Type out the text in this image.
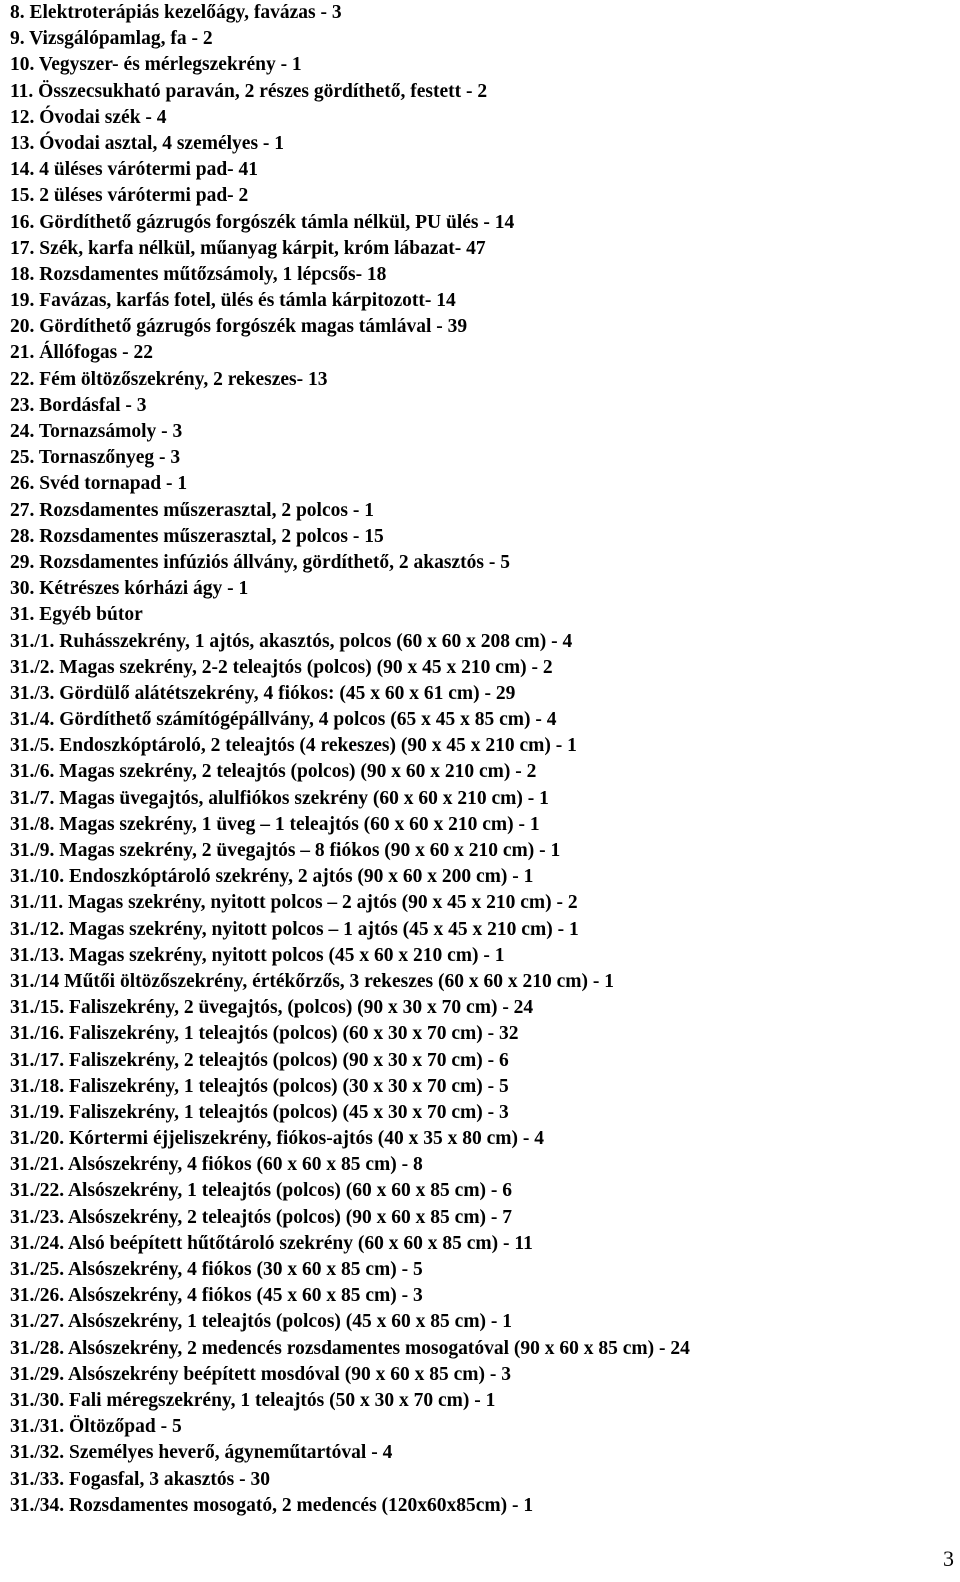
8. Elektroterápiás kezelőágy, favázas - 3
9. Vizsgálópamlag, fa - 2
10. Vegyszer- és mérlegszekrény - 1
11. Összecsukható paraván, 2 részes gördíthető, festett - 2
12. Óvodai szék - 4
13. Óvodai asztal, 4 személyes - 1
14. 4 üléses várótermi pad- 41
15. 2 üléses várótermi pad- 2
16. Gördíthető gázrugós forgószék támla nélkül, PU ülés - 14
17. Szék, karfa nélkül, műanyag kárpit, króm lábazat- 47
18. Rozsdamentes műtőzsámoly, 1 lépcsős- 18
19. Favázas, karfás fotel, ülés és támla kárpitozott- 14
20. Gördíthető gázrugós forgószék magas támlával - 39
21. Állófogas - 22
22. Fém öltözőszekrény, 2 rekeszes- 13
23. Bordásfal - 3
24. Tornazsámoly - 3
25. Tornaszőnyeg - 3
26. Svéd tornapad - 1
27. Rozsdamentes műszerasztal, 2 polcos - 1
28. Rozsdamentes műszerasztal, 2 polcos - 15
29. Rozsdamentes infúziós állvány, gördíthető, 2 akasztós - 5
30. Kétrészes kórházi ágy - 1
31. Egyéb bútor
31./1. Ruhásszekrény, 1 ajtós, akasztós, polcos (60 x 60 x 208 cm) - 4
31./2. Magas szekrény, 2-2 teleajtós (polcos) (90 x 45 x 210 cm) - 2
31./3. Gördülő alátétszekrény, 4 fiókos: (45 x 60 x 61 cm) - 29
31./4. Gördíthető számítógépállvány, 4 polcos (65 x 45 x 85 cm) - 4
31./5. Endoszkóptároló, 2 teleajtós (4 rekeszes) (90 x 45 x 210 cm) - 1
31./6. Magas szekrény, 2 teleajtós (polcos) (90 x 60 x 210 cm) - 2
31./7. Magas üvegajtós, alulfiókos szekrény (60 x 60 x 210 cm) - 1
31./8. Magas szekrény, 1 üveg – 1 teleajtós (60 x 60 x 210 cm) - 1
31./9. Magas szekrény, 2 üvegajtós – 8 fiókos (90 x 60 x 210 cm) - 1
31./10. Endoszkóptároló szekrény, 2 ajtós (90 x 60 x 200 cm) - 1
31./11. Magas szekrény, nyitott polcos – 2 ajtós (90 x 45 x 210 cm) - 2
31./12. Magas szekrény, nyitott polcos – 1 ajtós (45 x 45 x 210 cm) - 1
31./13. Magas szekrény, nyitott polcos (45 x 60 x 210 cm) - 1
31./14 Műtői öltözőszekrény, értékőrzős, 3 rekeszes (60 x 60 x 210 cm) - 1
31./15. Faliszekrény, 2 üvegajtós, (polcos) (90 x 30 x 70 cm) - 24
31./16. Faliszekrény, 1 teleajtós (polcos) (60 x 30 x 70 cm) - 32
31./17. Faliszekrény, 2 teleajtós (polcos) (90 x 30 x 70 cm) - 6
31./18. Faliszekrény, 1 teleajtós (polcos) (30 x 30 x 70 cm) - 5
31./19. Faliszekrény, 1 teleajtós (polcos) (45 x 30 x 70 cm) - 3
31./20. Kórtermi éjjeliszekrény, fiókos-ajtós (40 x 35 x 80 cm) - 4
31./21. Alsószekrény, 4 fiókos (60 x 60 x 85 cm) - 8
31./22. Alsószekrény, 1 teleajtós (polcos) (60 x 60 x 85 cm) - 6
31./23. Alsószekrény, 2 teleajtós (polcos) (90 x 60 x 85 cm) - 7
31./24. Alsó beépített hűtőtároló szekrény (60 x 60 x 85 cm) - 11
31./25. Alsószekrény, 4 fiókos (30 x 60 x 85 cm) - 5
31./26. Alsószekrény, 4 fiókos (45 x 60 x 85 cm) - 3
31./27. Alsószekrény, 1 teleajtós (polcos) (45 x 60 x 85 cm) - 1
31./28. Alsószekrény, 2 medencés rozsdamentes mosogatóval (90 x 60 x 85 cm) - 24
31./29. Alsószekrény beépített mosdóval (90 x 60 x 85 cm) - 3
31./30. Fali méregszekrény, 1 teleajtós (50 x 30 x 70 cm) - 1
31./31. Öltözőpad - 5
31./32. Személyes heverő, ágyneműtartóval - 4
31./33. Fogasfal, 3 akasztós - 30
31./34. Rozsdamentes mosogató, 2 medencés (120x60x85cm) - 1
3
